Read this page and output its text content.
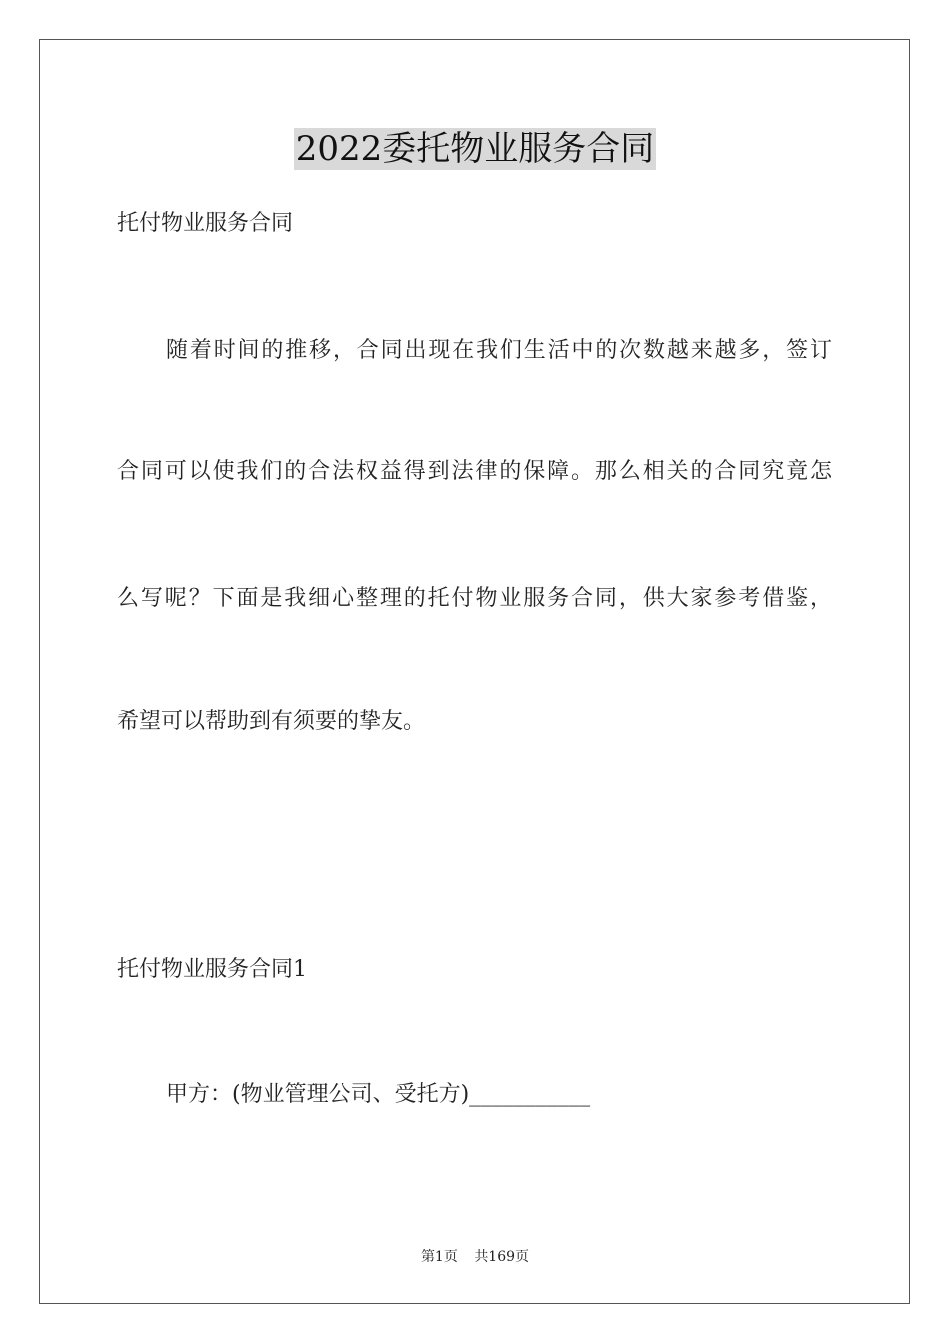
2022委托物业服务合同
托付物业服务合同
随着时间的推移，合同出现在我们生活中的次数越来越多，签订
合同可以使我们的合法权益得到法律的保障。那么相关的合同究竟怎
么写呢？下面是我细心整理的托付物业服务合同，供大家参考借鉴，
希望可以帮助到有须要的挚友。
托付物业服务合同1
甲方：(物业管理公司、受托方)___________
第1页 共169页
